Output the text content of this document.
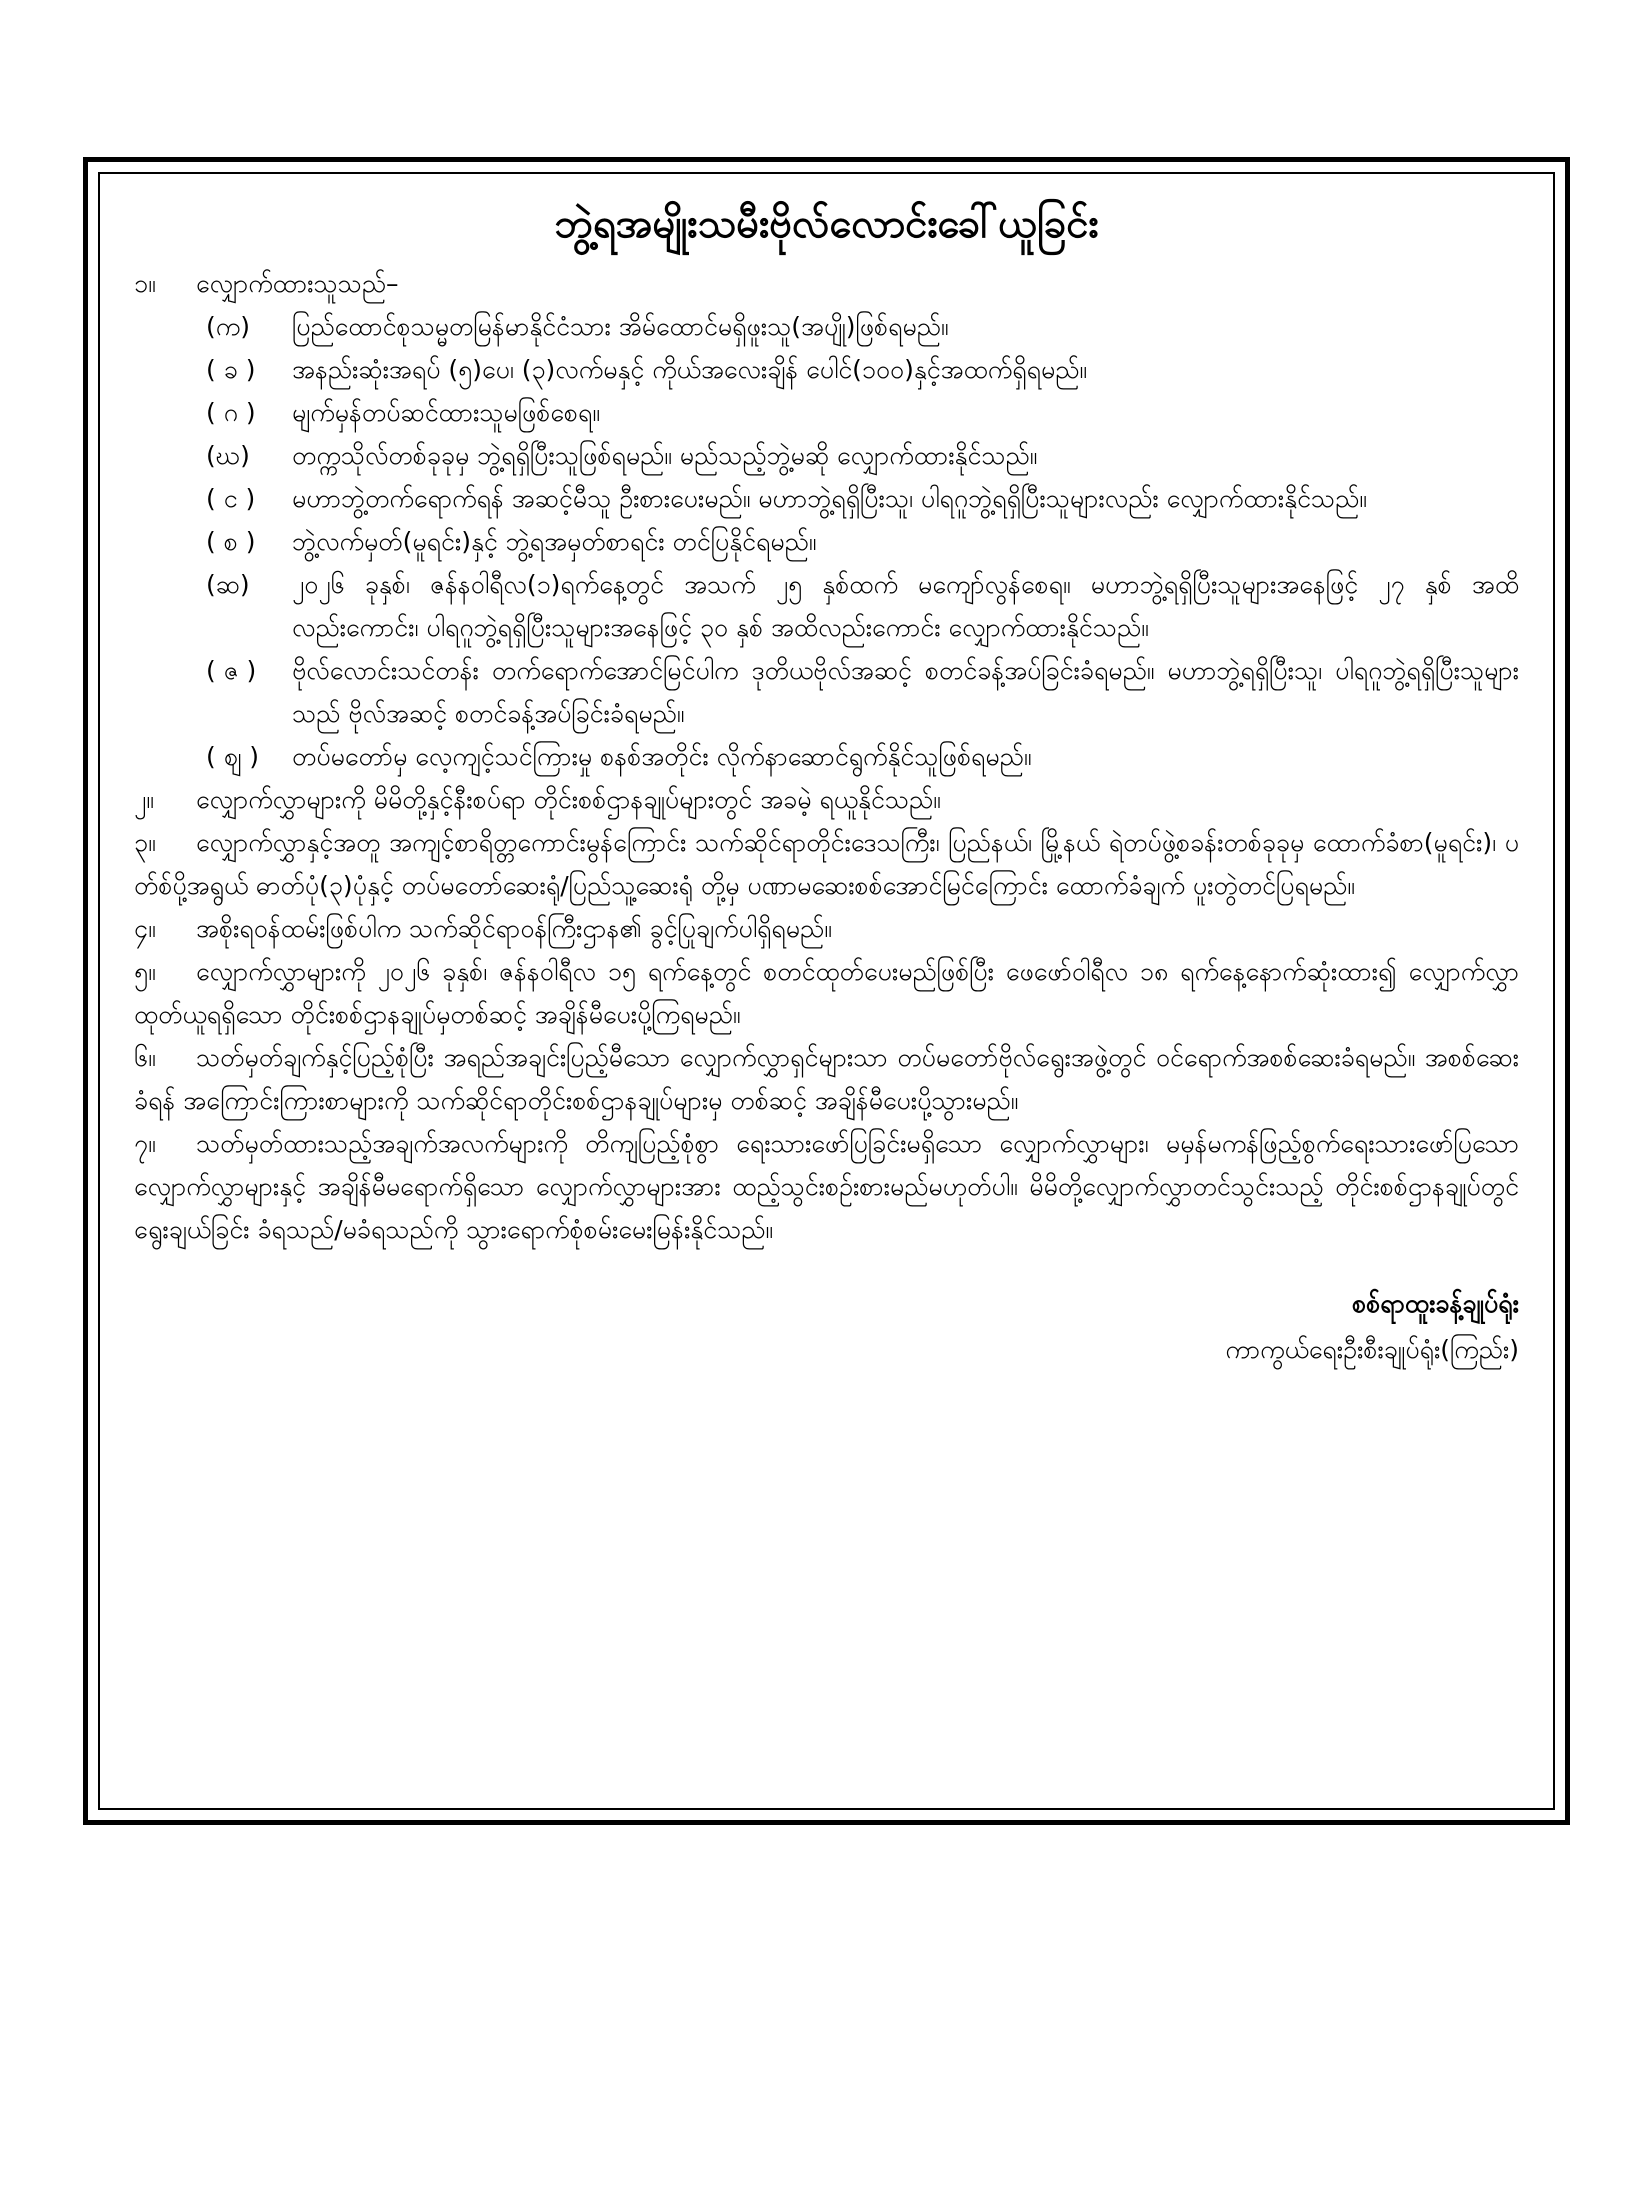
ဘွဲ့ရအမျိုးသမီးဗိုလ်လောင်းခေါ်ယူခြင်း

၁။ လျှောက်ထားသူသည်–

(က)	ပြည်ထောင်စုသမ္မတမြန်မာနိုင်ငံသား အိမ်ထောင်မရှိဖူးသူ(အပျို)ဖြစ်ရမည်။
( ခ )	အနည်းဆုံးအရပ် (၅)ပေ၊ (၃)လက်မနှင့် ကိုယ်အလေးချိန် ပေါင်(၁၀၀)နှင့်အထက်ရှိရမည်။
( ဂ )	မျက်မှန်တပ်ဆင်ထားသူမဖြစ်စေရ။
(ဃ)	တက္ကသိုလ်တစ်ခုခုမှ ဘွဲ့ရရှိပြီးသူဖြစ်ရမည်။ မည်သည့်ဘွဲ့မဆို လျှောက်ထားနိုင်သည်။
( င )	မဟာဘွဲ့တက်ရောက်ရန် အဆင့်မီသူ ဦးစားပေးမည်။ မဟာဘွဲ့ရရှိပြီးသူ၊ ပါရဂူဘွဲ့ရရှိပြီးသူများလည်း လျှောက်ထားနိုင်သည်။
( စ )	ဘွဲ့လက်မှတ်(မူရင်း)နှင့် ဘွဲ့ရအမှတ်စာရင်း တင်ပြနိုင်ရမည်။
(ဆ)	၂၀၂၆ ခုနှစ်၊ ဇန်နဝါရီလ(၁)ရက်နေ့တွင် အသက် ၂၅ နှစ်ထက် မကျော်လွန်စေရ။ မဟာဘွဲ့ရရှိပြီးသူများအနေဖြင့် ၂၇ နှစ် အထိလည်းကောင်း၊ ပါရဂူဘွဲ့ရရှိပြီးသူများအနေဖြင့် ၃၀ နှစ် အထိလည်းကောင်း လျှောက်ထားနိုင်သည်။
( ဇ )	ဗိုလ်လောင်းသင်တန်း တက်ရောက်အောင်မြင်ပါက ဒုတိယဗိုလ်အဆင့် စတင်ခန့်အပ်ခြင်းခံရမည်။ မဟာဘွဲ့ရရှိပြီးသူ၊ ပါရဂူဘွဲ့ရရှိပြီးသူများသည် ဗိုလ်အဆင့် စတင်ခန့်အပ်ခြင်းခံရမည်။
( ဈ )	တပ်မတော်မှ လေ့ကျင့်သင်ကြားမှု စနစ်အတိုင်း လိုက်နာဆောင်ရွက်နိုင်သူဖြစ်ရမည်။

၂။ လျှောက်လွှာများကို မိမိတို့နှင့်နီးစပ်ရာ တိုင်းစစ်ဌာနချုပ်များတွင် အခမဲ့ ရယူနိုင်သည်။

၃။ လျှောက်လွှာနှင့်အတူ အကျင့်စာရိတ္တကောင်းမွန်ကြောင်း သက်ဆိုင်ရာတိုင်းဒေသကြီး၊ ပြည်နယ်၊ မြို့နယ် ရဲတပ်ဖွဲ့စခန်းတစ်ခုခုမှ ထောက်ခံစာ(မူရင်း)၊ ပတ်စ်ပို့အရွယ် ဓာတ်ပုံ(၃)ပုံနှင့် တပ်မတော်ဆေးရုံ/ပြည်သူ့ဆေးရုံ တို့မှ ပဏာမဆေးစစ်အောင်မြင်ကြောင်း ထောက်ခံချက် ပူးတွဲတင်ပြရမည်။

၄။ အစိုးရဝန်ထမ်းဖြစ်ပါက သက်ဆိုင်ရာဝန်ကြီးဌာန၏ ခွင့်ပြုချက်ပါရှိရမည်။

၅။ လျှောက်လွှာများကို ၂၀၂၆ ခုနှစ်၊ ဇန်နဝါရီလ ၁၅ ရက်နေ့တွင် စတင်ထုတ်ပေးမည်ဖြစ်ပြီး ဖေဖော်ဝါရီလ ၁၈ ရက်နေ့နောက်ဆုံးထား၍ လျှောက်လွှာထုတ်ယူရရှိသော တိုင်းစစ်ဌာနချုပ်မှတစ်ဆင့် အချိန်မီပေးပို့ကြရမည်။

၆။ သတ်မှတ်ချက်နှင့်ပြည့်စုံပြီး အရည်အချင်းပြည့်မီသော လျှောက်လွှာရှင်များသာ တပ်မတော်ဗိုလ်ရွေးအဖွဲ့တွင် ဝင်ရောက်အစစ်ဆေးခံရမည်။ အစစ်ဆေးခံရန် အကြောင်းကြားစာများကို သက်ဆိုင်ရာတိုင်းစစ်ဌာနချုပ်များမှ တစ်ဆင့် အချိန်မီပေးပို့သွားမည်။

၇။ သတ်မှတ်ထားသည့်အချက်အလက်များကို တိကျပြည့်စုံစွာ ရေးသားဖော်ပြခြင်းမရှိသော လျှောက်လွှာများ၊ မမှန်မကန်ဖြည့်စွက်ရေးသားဖော်ပြသော လျှောက်လွှာများနှင့် အချိန်မီမရောက်ရှိသော လျှောက်လွှာများအား ထည့်သွင်းစဉ်းစားမည်မဟုတ်ပါ။ မိမိတို့လျှောက်လွှာတင်သွင်းသည့် တိုင်းစစ်ဌာနချုပ်တွင် ရွေးချယ်ခြင်း ခံရသည်/မခံရသည်ကို သွားရောက်စုံစမ်းမေးမြန်းနိုင်သည်။

စစ်ရာထူးခန့်ချုပ်ရုံး
ကာကွယ်ရေးဦးစီးချုပ်ရုံး(ကြည်း)
